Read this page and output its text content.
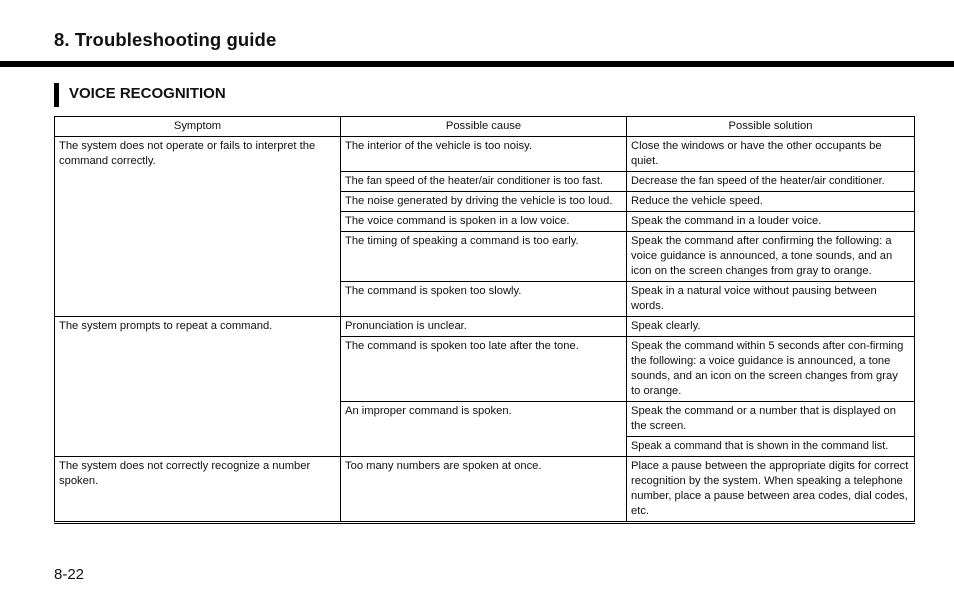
8. Troubleshooting guide
VOICE RECOGNITION
Symptom	Possible cause	Possible solution
The system does not operate or fails to interpret the command correctly.	The interior of the vehicle is too noisy.	Close the windows or have the other occupants be quiet.
	The fan speed of the heater/air conditioner is too fast.	Decrease the fan speed of the heater/air conditioner.
	The noise generated by driving the vehicle is too loud.	Reduce the vehicle speed.
	The voice command is spoken in a low voice.	Speak the command in a louder voice.
	The timing of speaking a command is too early.	Speak the command after confirming the following: a voice guidance is announced, a tone sounds, and an icon on the screen changes from gray to orange.
	The command is spoken too slowly.	Speak in a natural voice without pausing between words.
The system prompts to repeat a command.	Pronunciation is unclear.	Speak clearly.
	The command is spoken too late after the tone.	Speak the command within 5 seconds after con-firming the following: a voice guidance is announced, a tone sounds, and an icon on the screen changes from gray to orange.
	An improper command is spoken.	Speak the command or a number that is displayed on the screen.
		Speak a command that is shown in the command list.
The system does not correctly recognize a number spoken.	Too many numbers are spoken at once.	Place a pause between the appropriate digits for correct recognition by the system. When speaking a telephone number, place a pause between area codes, dial codes, etc.
8-22
